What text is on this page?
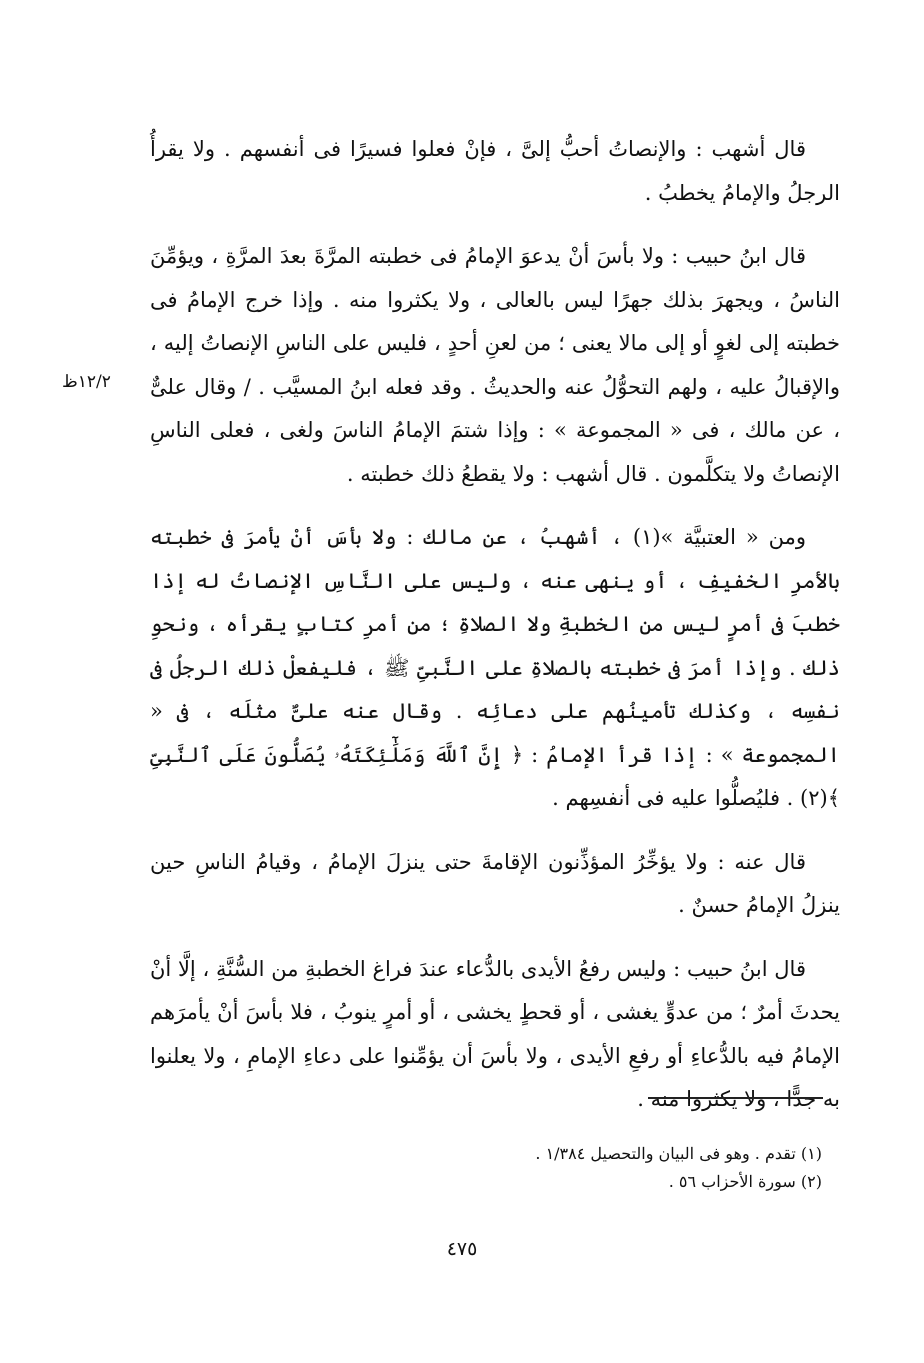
قال أشهب : والإنصاتُ أحبُّ إلىَّ ، فإنْ فعلوا فسيرًا فى أنفسهم . ولا يقرأُ الرجلُ والإمامُ يخطبُ .

قال ابنُ حبيب : ولا بأسَ أنْ يدعوَ الإمامُ فى خطبته المرَّةَ بعدَ المرَّةِ ، ويؤمِّنَ الناسُ ، ويجهرَ بذلك جهرًا ليس بالعالى ، ولا يكثروا منه . وإذا خرج الإمامُ فى خطبته إلى لغوٍ أو إلى مالا يعنى ؛ من لعنِ أحدٍ ، فليس على الناسِ الإنصاتُ إليه ، والإقبالُ عليه ، ولهم التحوُّلُ عنه والحديثُ . وقد فعله ابنُ المسيَّب . / وقال علىٌّ ، عن مالك ، فى « المجموعة » : وإذا شتمَ الإمامُ الناسَ ولغى ، فعلى الناسِ الإنصاتُ ولا يتكلَّمون . قال أشهب : ولا يقطعُ ذلك خطبته .

ومن « العتبيَّة »(١) ، أشهبُ ، عن مالك : ولا بأسَ أنْ يأمرَ فى خطبته بالأمرِ الخفيفِ ، أو ينهى عنه ، وليس على النَّاسِ الإنصاتُ له إذا خطبَ فى أمرٍ ليس من الخطبةِ ولا الصلاةِ ؛ من أمرِ كتابٍ يقرأه ، ونحوِ ذلك . وإذا أمرَ فى خطبته بالصلاةِ على النَّبىِّ ﷺ ، فليفعلْ ذلك الرجلُ فى نفسِه ، وكذلك تأمينُهم على دعائِه . وقال عنه علىٌّ مثلَه ، فى « المجموعة » : إذا قرأ الإمامُ : ﴿ إِنَّ ٱللَّهَ وَمَلَٰٓئِكَتَهُۥ يُصَلُّونَ عَلَى ٱلنَّبِىِّ ﴾(٢) . فليُصلُّوا عليه فى أنفسِهم .

قال عنه : ولا يؤخِّرُ المؤذِّنون الإقامةَ حتى ينزلَ الإمامُ ، وقيامُ الناسِ حين ينزلُ الإمامُ حسنٌ .

قال ابنُ حبيب : وليس رفعُ الأيدى بالدُّعاء عندَ فراغ الخطبةِ من السُّنَّةِ ، إلَّا أنْ يحدثَ أمرٌ ؛ من عدوٍّ يغشى ، أو قحطٍ يخشى ، أو أمرٍ ينوبُ ، فلا بأسَ أنْ يأمرَهم الإمامُ فيه بالدُّعاءِ أو رفعِ الأيدى ، ولا بأسَ أن يؤمِّنوا على دعاءِ الإمامِ ، ولا يعلنوا به جدًّا ، ولا يكثروا منه .

١٢/٢ظ
(١) تقدم . وهو فى البيان والتحصيل ١/٣٨٤ .
(٢) سورة الأحزاب ٥٦ .
٤٧٥
